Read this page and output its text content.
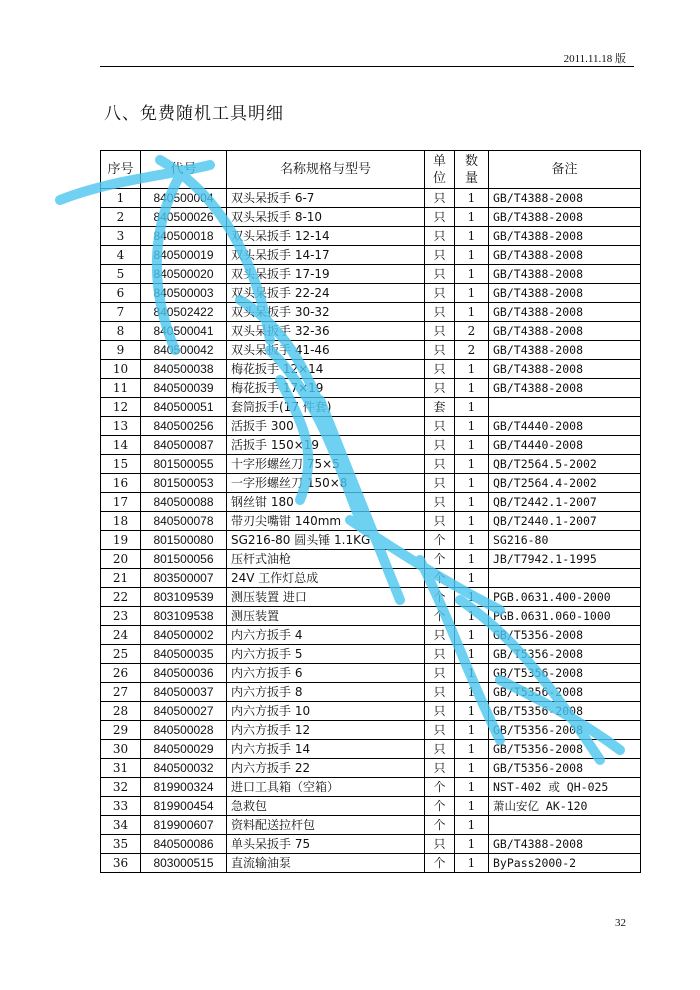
2011.11.18 版
八、免费随机工具明细
序号	代号	名称规格与型号	单位	数量	备注
1	840500004	双头呆扳手 6-7	只	1	GB/T4388-2008
2	840500026	双头呆扳手 8-10	只	1	GB/T4388-2008
3	840500018	双头呆扳手 12-14	只	1	GB/T4388-2008
4	840500019	双头呆扳手 14-17	只	1	GB/T4388-2008
5	840500020	双头呆扳手 17-19	只	1	GB/T4388-2008
6	840500003	双头呆扳手 22-24	只	1	GB/T4388-2008
7	840502422	双头呆扳手 30-32	只	1	GB/T4388-2008
8	840500041	双头呆扳手 32-36	只	2	GB/T4388-2008
9	840500042	双头呆扳手 41-46	只	2	GB/T4388-2008
10	840500038	梅花扳手 12×14	只	1	GB/T4388-2008
11	840500039	梅花扳手 17×19	只	1	GB/T4388-2008
12	840500051	套筒扳手(17 件套)	套	1	
13	840500256	活扳手 300	只	1	GB/T4440-2008
14	840500087	活扳手 150×19	只	1	GB/T4440-2008
15	801500055	十字形螺丝刀 75×5	只	1	QB/T2564.5-2002
16	801500053	一字形螺丝刀 150×8	只	1	QB/T2564.4-2002
17	840500088	钢丝钳 180	只	1	QB/T2442.1-2007
18	840500078	带刃尖嘴钳 140mm	只	1	QB/T2440.1-2007
19	801500080	SG216-80 圆头锤 1.1KG	个	1	SG216-80
20	801500056	压杆式油枪	个	1	JB/T7942.1-1995
21	803500007	24V 工作灯总成	个	1	
22	803109539	测压装置 进口	个	1	PGB.0631.400-2000
23	803109538	测压装置	个	1	PGB.0631.060-1000
24	840500002	内六方扳手 4	只	1	GB/T5356-2008
25	840500035	内六方扳手 5	只	1	GB/T5356-2008
26	840500036	内六方扳手 6	只	1	GB/T5356-2008
27	840500037	内六方扳手 8	只	1	GB/T5356-2008
28	840500027	内六方扳手 10	只	1	GB/T5356-2008
29	840500028	内六方扳手 12	只	1	GB/T5356-2008
30	840500029	内六方扳手 14	只	1	GB/T5356-2008
31	840500032	内六方扳手 22	只	1	GB/T5356-2008
32	819900324	进口工具箱（空箱）	个	1	NST-402 或 QH-025
33	819900454	急救包	个	1	萧山安亿 AK-120
34	819900607	资料配送拉杆包	个	1	
35	840500086	单头呆扳手 75	只	1	GB/T4388-2008
36	803000515	直流输油泵	个	1	ByPass2000-2
32
